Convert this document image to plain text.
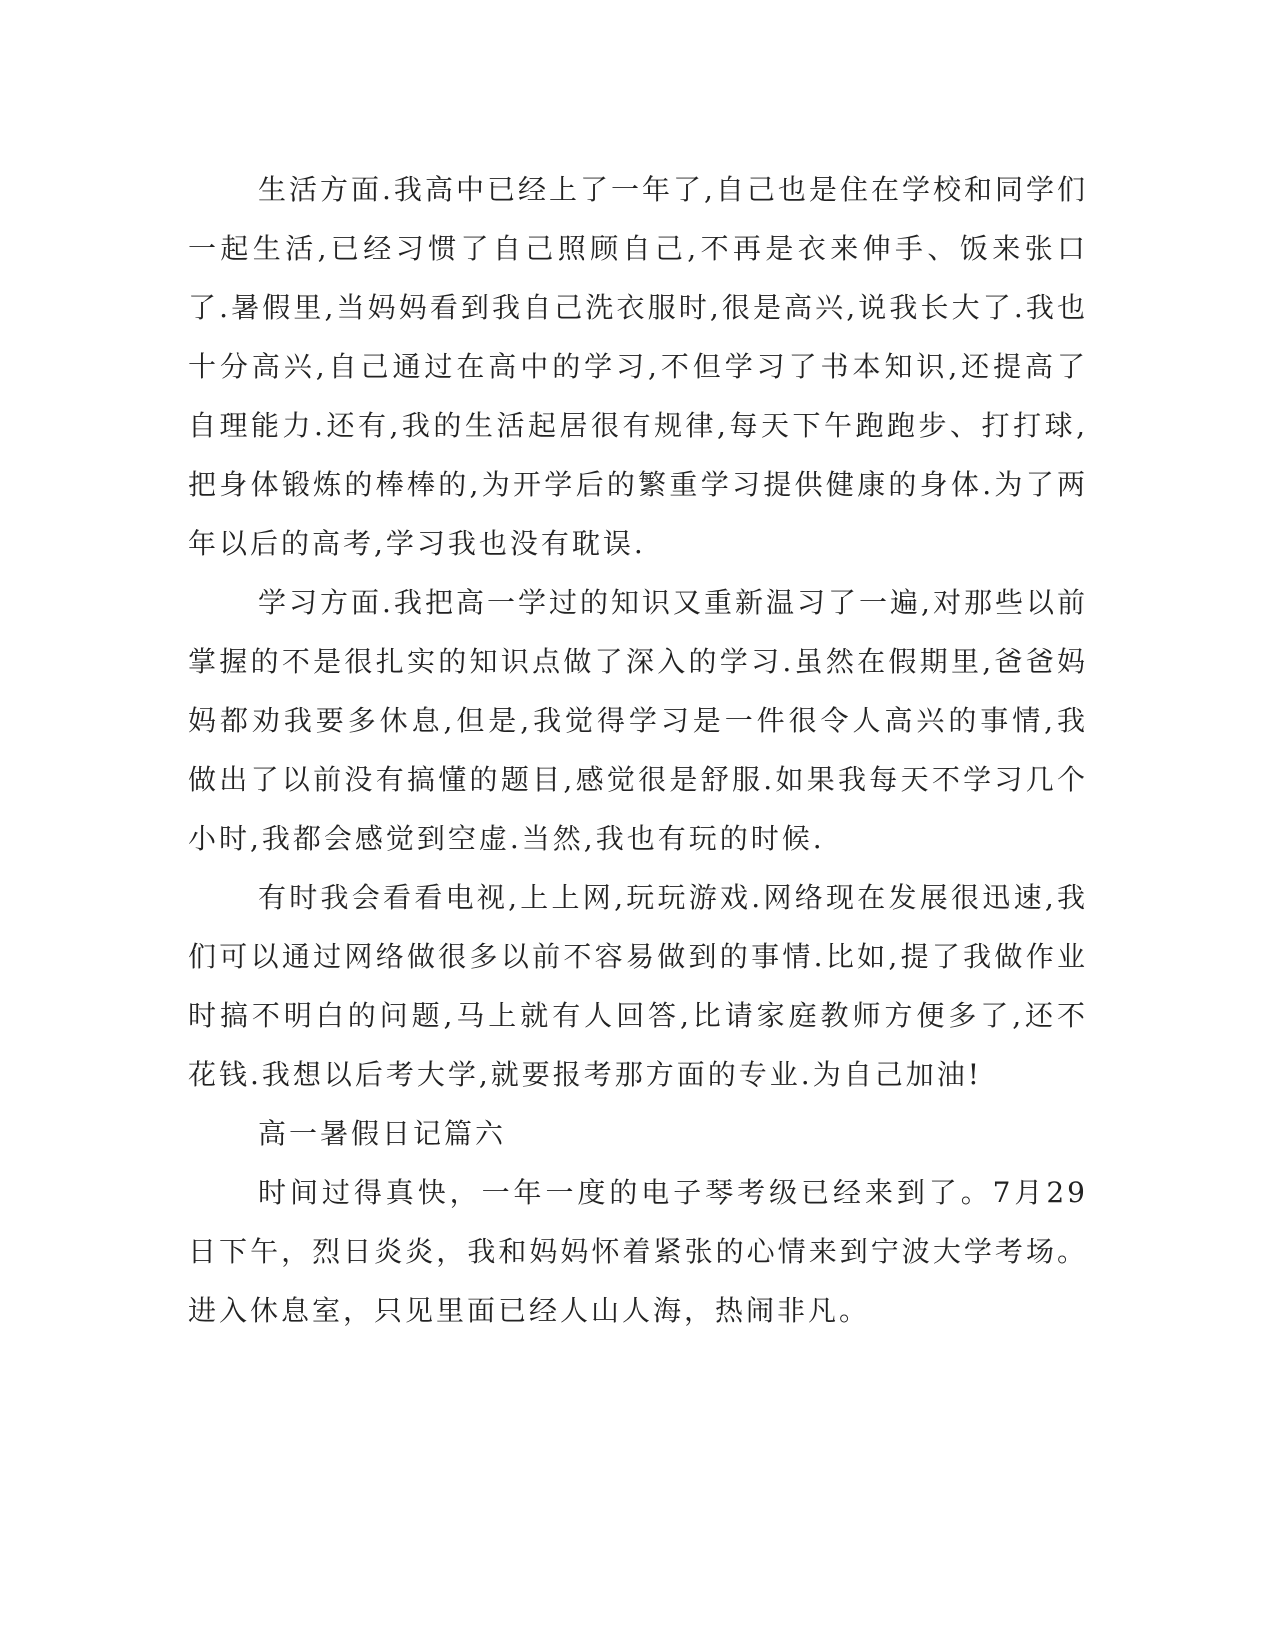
生活方面.我高中已经上了一年了,自己也是住在学校和同学们一起生活,已经习惯了自己照顾自己,不再是衣来伸手、饭来张口了.暑假里,当妈妈看到我自己洗衣服时,很是高兴,说我长大了.我也十分高兴,自己通过在高中的学习,不但学习了书本知识,还提高了自理能力.还有,我的生活起居很有规律,每天下午跑跑步、打打球,把身体锻炼的棒棒的,为开学后的繁重学习提供健康的身体.为了两年以后的高考,学习我也没有耽误.

学习方面.我把高一学过的知识又重新温习了一遍,对那些以前掌握的不是很扎实的知识点做了深入的学习.虽然在假期里,爸爸妈妈都劝我要多休息,但是,我觉得学习是一件很令人高兴的事情,我做出了以前没有搞懂的题目,感觉很是舒服.如果我每天不学习几个小时,我都会感觉到空虚.当然,我也有玩的时候.

有时我会看看电视,上上网,玩玩游戏.网络现在发展很迅速,我们可以通过网络做很多以前不容易做到的事情.比如,提了我做作业时搞不明白的问题,马上就有人回答,比请家庭教师方便多了,还不花钱.我想以后考大学,就要报考那方面的专业.为自己加油!

高一暑假日记篇六

时间过得真快，一年一度的电子琴考级已经来到了。7月29日下午，烈日炎炎，我和妈妈怀着紧张的心情来到宁波大学考场。进入休息室，只见里面已经人山人海，热闹非凡。
